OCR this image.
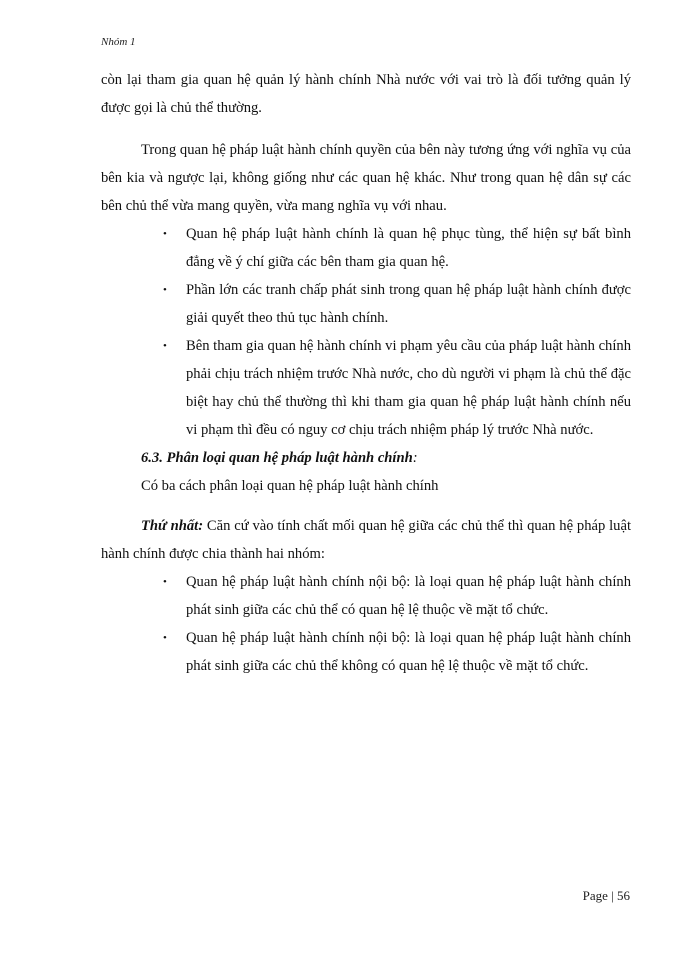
Nhóm 1

còn lại tham gia quan hệ quản lý hành chính Nhà nước với vai trò là đối tưởng quản lý được gọi là chủ thể thường.

Trong quan hệ pháp luật hành chính quyền của bên này tương ứng với nghĩa vụ của bên kia và ngược lại, không giống như các quan hệ khác. Như trong quan hệ dân sự các bên chủ thể vừa mang quyền, vừa mang nghĩa vụ với nhau.

• Quan hệ pháp luật hành chính là quan hệ phục tùng, thể hiện sự bất bình đẳng về ý chí giữa các bên tham gia quan hệ.
• Phần lớn các tranh chấp phát sinh trong quan hệ pháp luật hành chính được giải quyết theo thủ tục hành chính.
• Bên tham gia quan hệ hành chính vi phạm yêu cầu của pháp luật hành chính phải chịu trách nhiệm trước Nhà nước, cho dù người vi phạm là chủ thể đặc biệt hay chủ thể thường thì khi tham gia quan hệ pháp luật hành chính nếu vi phạm thì đều có nguy cơ chịu trách nhiệm pháp lý trước Nhà nước.

6.3. Phân loại quan hệ pháp luật hành chính:

Có ba cách phân loại quan hệ pháp luật hành chính

Thứ nhất: Căn cứ vào tính chất mối quan hệ giữa các chủ thể thì quan hệ pháp luật hành chính được chia thành hai nhóm:

• Quan hệ pháp luật hành chính nội bộ: là loại quan hệ pháp luật hành chính phát sinh giữa các chủ thể có quan hệ lệ thuộc về mặt tổ chức.
• Quan hệ pháp luật hành chính nội bộ: là loại quan hệ pháp luật hành chính phát sinh giữa các chủ thể không có quan hệ lệ thuộc về mặt tổ chức.
Page | 56
